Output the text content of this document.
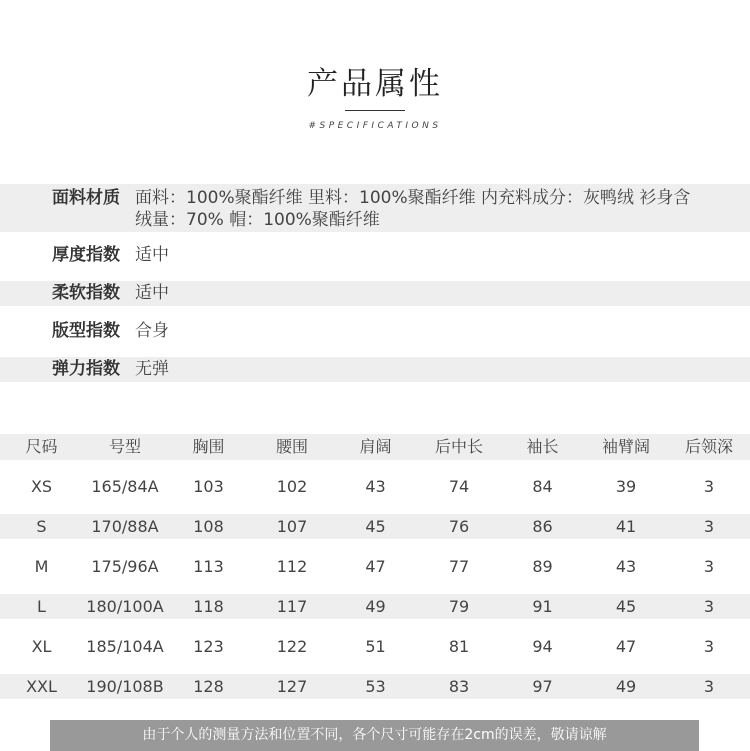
产品属性
#SPECIFICATIONS
面料材质 面料：100%聚酯纤维 里料：100%聚酯纤维 内充料成分：灰鸭绒 衫身含绒量：70% 帽：100%聚酯纤维
厚度指数 适中
柔软指数 适中
版型指数 合身
弹力指数 无弹
尺码	号型	胸围	腰围	肩阔	后中长	袖长	袖臂阔	后领深
XS	165/84A	103	102	43	74	84	39	3
S	170/88A	108	107	45	76	86	41	3
M	175/96A	113	112	47	77	89	43	3
L	180/100A	118	117	49	79	91	45	3
XL	185/104A	123	122	51	81	94	47	3
XXL	190/108B	128	127	53	83	97	49	3
由于个人的测量方法和位置不同，各个尺寸可能存在2cm的误差，敬请谅解
